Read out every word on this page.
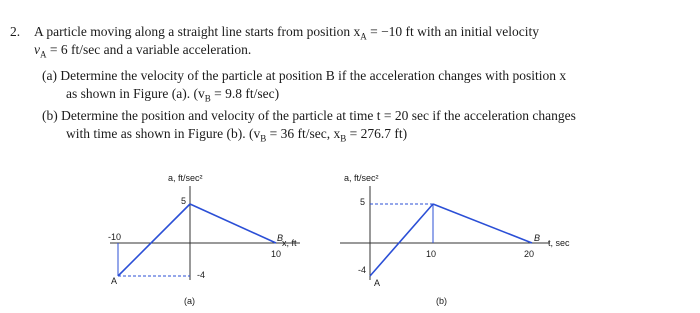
2. A particle moving along a straight line starts from position $x_A = -10$ ft with an initial velocity
$v_A = 6$ ft/sec and a variable acceleration.
(a) Determine the velocity of the particle at position B if the acceleration changes with position x
as shown in Figure (a). ($v_B = 9.8$ ft/sec)
(b) Determine the position and velocity of the particle at time t = 20 sec if the acceleration changes
with time as shown in Figure (b). ($v_B = 36$ ft/sec, $x_B = 276.7$ ft)
a, ft/sec²
5
-4
-10
10
x, ft
A
B
(a)
a, ft/sec²
5
-4
10	20
t, sec
A
B
(b)
